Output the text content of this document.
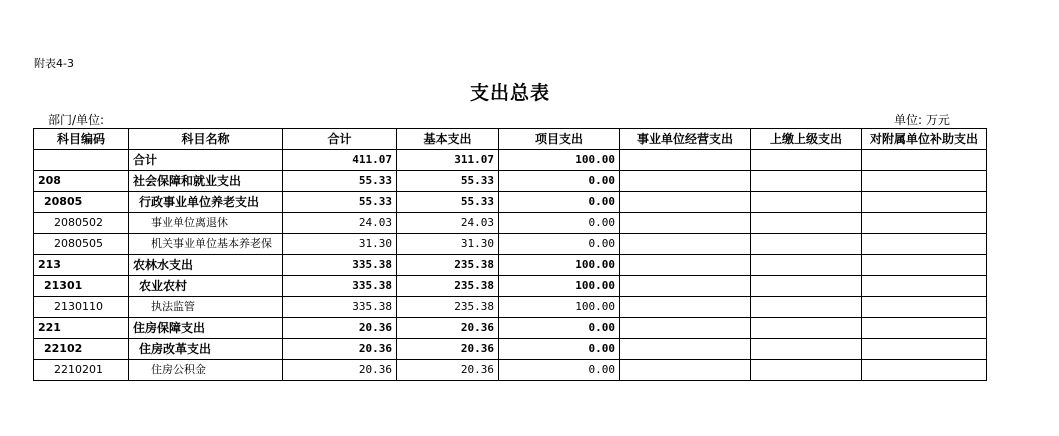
附表4-3
支出总表
部门/单位:	单位: 万元
科目编码	科目名称	合计	基本支出	项目支出	事业单位经营支出	上缴上级支出	对附属单位补助支出
	合计	411.07	311.07	100.00			
208	社会保障和就业支出	55.33	55.33	0.00			
20805	行政事业单位养老支出	55.33	55.33	0.00			
2080502	事业单位离退休	24.03	24.03	0.00			
2080505	机关事业单位基本养老保	31.30	31.30	0.00			
213	农林水支出	335.38	235.38	100.00			
21301	农业农村	335.38	235.38	100.00			
2130110	执法监管	335.38	235.38	100.00			
221	住房保障支出	20.36	20.36	0.00			
22102	住房改革支出	20.36	20.36	0.00			
2210201	住房公积金	20.36	20.36	0.00			
